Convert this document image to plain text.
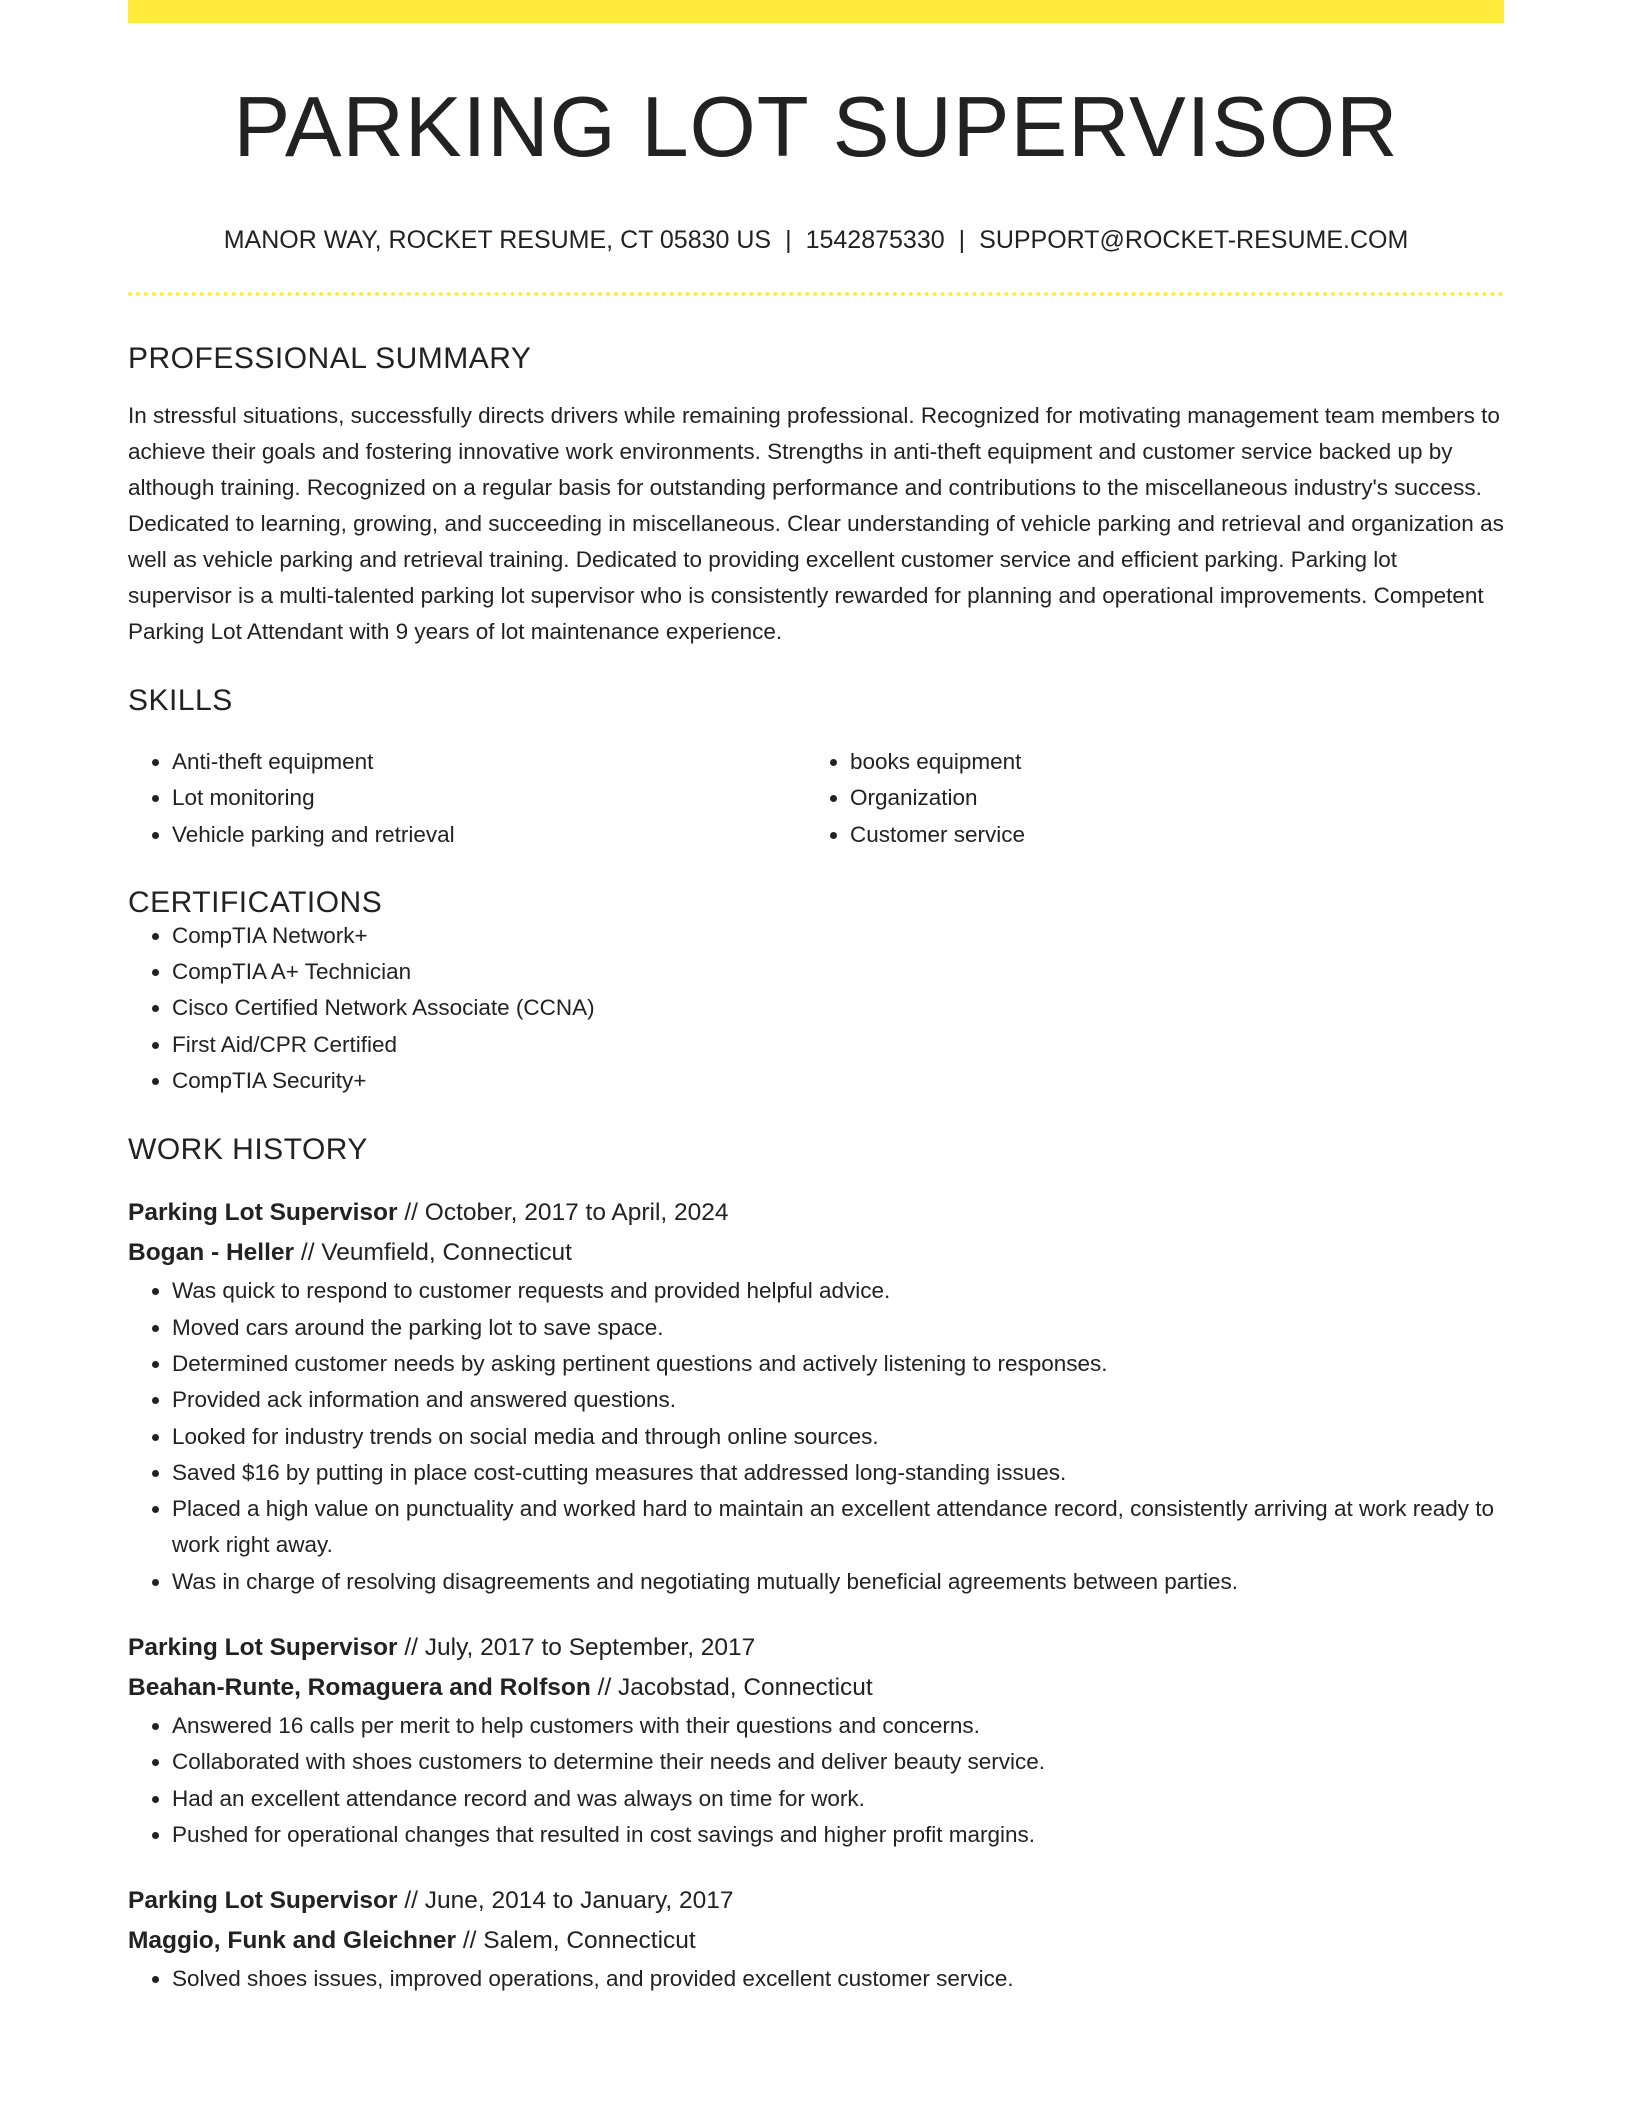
PARKING LOT SUPERVISOR
MANOR WAY, ROCKET RESUME, CT 05830 US | 1542875330 | SUPPORT@ROCKET-RESUME.COM
PROFESSIONAL SUMMARY

In stressful situations, successfully directs drivers while remaining professional. Recognized for motivating management team members to achieve their goals and fostering innovative work environments. Strengths in anti-theft equipment and customer service backed up by although training. Recognized on a regular basis for outstanding performance and contributions to the miscellaneous industry's success. Dedicated to learning, growing, and succeeding in miscellaneous. Clear understanding of vehicle parking and retrieval and organization as well as vehicle parking and retrieval training. Dedicated to providing excellent customer service and efficient parking. Parking lot supervisor is a multi-talented parking lot supervisor who is consistently rewarded for planning and operational improvements. Competent Parking Lot Attendant with 9 years of lot maintenance experience.

SKILLS
• Anti-theft equipment
• Lot monitoring
• Vehicle parking and retrieval
• books equipment
• Organization
• Customer service
CERTIFICATIONS
• CompTIA Network+
• CompTIA A+ Technician
• Cisco Certified Network Associate (CCNA)
• First Aid/CPR Certified
• CompTIA Security+
WORK HISTORY
Parking Lot Supervisor // October, 2017 to April, 2024
Bogan - Heller // Veumfield, Connecticut
• Was quick to respond to customer requests and provided helpful advice.
• Moved cars around the parking lot to save space.
• Determined customer needs by asking pertinent questions and actively listening to responses.
• Provided ack information and answered questions.
• Looked for industry trends on social media and through online sources.
• Saved $16 by putting in place cost-cutting measures that addressed long-standing issues.
• Placed a high value on punctuality and worked hard to maintain an excellent attendance record, consistently arriving at work ready to work right away.
• Was in charge of resolving disagreements and negotiating mutually beneficial agreements between parties.
Parking Lot Supervisor // July, 2017 to September, 2017
Beahan-Runte, Romaguera and Rolfson // Jacobstad, Connecticut
• Answered 16 calls per merit to help customers with their questions and concerns.
• Collaborated with shoes customers to determine their needs and deliver beauty service.
• Had an excellent attendance record and was always on time for work.
• Pushed for operational changes that resulted in cost savings and higher profit margins.
Parking Lot Supervisor // June, 2014 to January, 2017
Maggio, Funk and Gleichner // Salem, Connecticut
• Solved shoes issues, improved operations, and provided excellent customer service.
